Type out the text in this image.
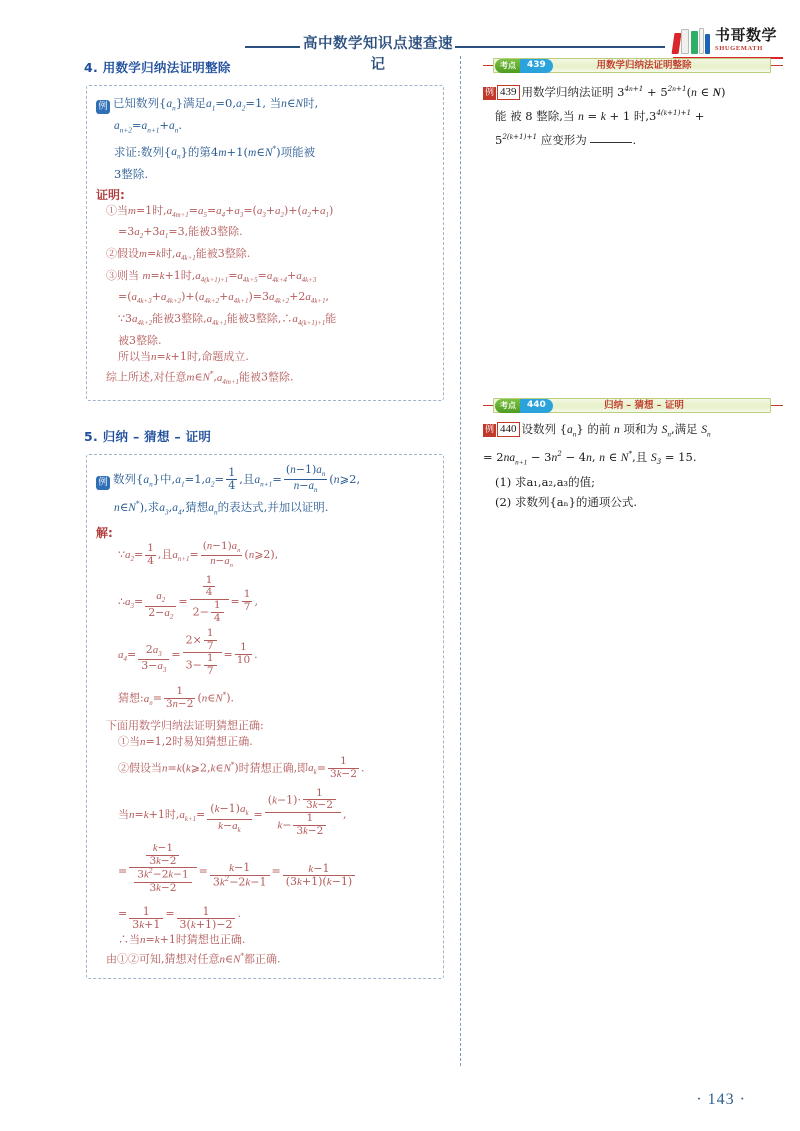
高中数学知识点速查速记
书哥数学
SHUGEMATH
4. 用数学归纳法证明整除
例 已知数列$\{a_n\}$满足$a_1=0,a_2=1$, 当n∈N时,
$a_{n+2}=a_{n+1}+a_n$.
求证:数列$\{a_n\}$的第4m+1(m∈N*)项能被
3整除.
证明:
①当m=1时$,a_{4m+1}=a_5=a_4+a_3=(a_3+a_2)+(a_2+a_1)$
$=3a_2+3a_1=3$,能被3整除.
②假设m=k时$,a_{4k+1}$能被3整除.
③则当 m=k+1时$,a_{4(k+1)+1}=a_{4k+5}=a_{4k+4}+a_{4k+3}$
$=(a_{4k+3}+a_{4k+2})+(a_{4k+2}+a_{4k+1})=3a_{4k+2}+2a_{4k+1}$,
$\because 3a_{4k+2}$能被3整除$,a_{4k+1}$能被3整除$,\therefore a_{4(k+1)+1}$能
被3整除.
所以当n=k+1时,命题成立.
综上所述,对任意$m\in N^*,a_{4m+1}$能被3整除.
5. 归纳 – 猜想 – 证明
例 数列$\{a_n\}$中$,a_1=1,a_2= \frac{1}{4}$ ,且$a_{n+1}= \frac{(n-1)a_n}{n-a_n}$ (n⩾2,
n∈N*),求$a_3,a_4$,猜想$a_n$的表达式,并加以证明.
解:
$\because a_2= \frac{1}{4}$ ,且$a_{n+1}= \frac{(n-1)a_n}{n-a_n}$ (n⩾2),
$\therefore a_3= \frac{a_2}{2-a_2} = \frac{\frac{1}{4}}{2- \frac{1}{4}} = \frac{1}{7}$ ,
$a_4= \frac{2a_3}{3-a_3} = \frac{2\times \frac{1}{7}}{3- \frac{1}{7}} = \frac{1}{10}$ .
猜想$:a_n= \frac{1}{3n-2}$ (n∈N*).
下面用数学归纳法证明猜想正确:
①当n=1,2时易知猜想正确.
②假设当n=k(k⩾2,k∈N*)时猜想正确,即$a_k= \frac{1}{3k-2}$ .
当n=k+1时$,a_{k+1}= \frac{(k-1)a_k}{k-a_k} = \frac{(k-1)\cdot \frac{1}{3k-2}}{k- \frac{1}{3k-2}}$ ,
= $\frac{\frac{k-1}{3k-2}}{\frac{3k^2-2k-1}{3k-2}} = \frac{k-1}{3k^2-2k-1} = \frac{k-1}{(3k+1)(k-1)}$
= $\frac{1}{3k+1} = \frac{1}{3(k+1)-2}$ .
∴当n=k+1时猜想也正确.
由①②可知,猜想对任意n∈N*都正确.
用数学归纳法证明整除
考点	439
例 439 用数学归纳法证明 $3^{4n+1} + 5^{2n+1}(n$ ∈ N)
能 被 8 整除,当 n = k + 1 时$,3^{4(k+1)+1}$ +
$5^{2(k+1)+1}$ 应变形为	.
归纳 – 猜想 – 证明
考点	440
例 440 设数列 $\{a_n\}$ 的前 n 项和为 $S_n$,满足 $S_n$
= $2na_{n+1} - 3n^2 - 4n$, n ∈ N*,且 $S_3 = 15$.
(1) 求a₁,a₂,a₃的值;
(2) 求数列{aₙ}的通项公式.
· 143 ·
